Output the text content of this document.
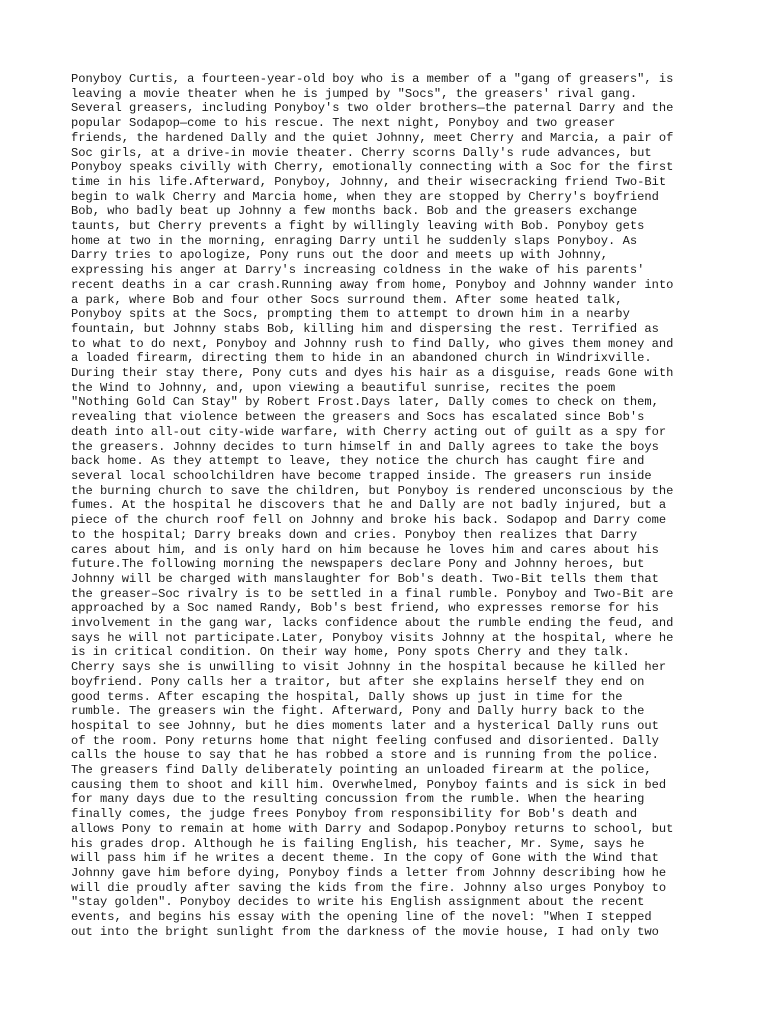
Ponyboy Curtis, a fourteen-year-old boy who is a member of a "gang of greasers", is
leaving a movie theater when he is jumped by "Socs", the greasers' rival gang.
Several greasers, including Ponyboy's two older brothers—the paternal Darry and the
popular Sodapop—come to his rescue. The next night, Ponyboy and two greaser
friends, the hardened Dally and the quiet Johnny, meet Cherry and Marcia, a pair of
Soc girls, at a drive-in movie theater. Cherry scorns Dally's rude advances, but
Ponyboy speaks civilly with Cherry, emotionally connecting with a Soc for the first
time in his life.Afterward, Ponyboy, Johnny, and their wisecracking friend Two-Bit
begin to walk Cherry and Marcia home, when they are stopped by Cherry's boyfriend
Bob, who badly beat up Johnny a few months back. Bob and the greasers exchange
taunts, but Cherry prevents a fight by willingly leaving with Bob. Ponyboy gets
home at two in the morning, enraging Darry until he suddenly slaps Ponyboy. As
Darry tries to apologize, Pony runs out the door and meets up with Johnny,
expressing his anger at Darry's increasing coldness in the wake of his parents'
recent deaths in a car crash.Running away from home, Ponyboy and Johnny wander into
a park, where Bob and four other Socs surround them. After some heated talk,
Ponyboy spits at the Socs, prompting them to attempt to drown him in a nearby
fountain, but Johnny stabs Bob, killing him and dispersing the rest. Terrified as
to what to do next, Ponyboy and Johnny rush to find Dally, who gives them money and
a loaded firearm, directing them to hide in an abandoned church in Windrixville.
During their stay there, Pony cuts and dyes his hair as a disguise, reads Gone with
the Wind to Johnny, and, upon viewing a beautiful sunrise, recites the poem
"Nothing Gold Can Stay" by Robert Frost.Days later, Dally comes to check on them,
revealing that violence between the greasers and Socs has escalated since Bob's
death into all-out city-wide warfare, with Cherry acting out of guilt as a spy for
the greasers. Johnny decides to turn himself in and Dally agrees to take the boys
back home. As they attempt to leave, they notice the church has caught fire and
several local schoolchildren have become trapped inside. The greasers run inside
the burning church to save the children, but Ponyboy is rendered unconscious by the
fumes. At the hospital he discovers that he and Dally are not badly injured, but a
piece of the church roof fell on Johnny and broke his back. Sodapop and Darry come
to the hospital; Darry breaks down and cries. Ponyboy then realizes that Darry
cares about him, and is only hard on him because he loves him and cares about his
future.The following morning the newspapers declare Pony and Johnny heroes, but
Johnny will be charged with manslaughter for Bob's death. Two-Bit tells them that
the greaser–Soc rivalry is to be settled in a final rumble. Ponyboy and Two-Bit are
approached by a Soc named Randy, Bob's best friend, who expresses remorse for his
involvement in the gang war, lacks confidence about the rumble ending the feud, and
says he will not participate.Later, Ponyboy visits Johnny at the hospital, where he
is in critical condition. On their way home, Pony spots Cherry and they talk.
Cherry says she is unwilling to visit Johnny in the hospital because he killed her
boyfriend. Pony calls her a traitor, but after she explains herself they end on
good terms. After escaping the hospital, Dally shows up just in time for the
rumble. The greasers win the fight. Afterward, Pony and Dally hurry back to the
hospital to see Johnny, but he dies moments later and a hysterical Dally runs out
of the room. Pony returns home that night feeling confused and disoriented. Dally
calls the house to say that he has robbed a store and is running from the police.
The greasers find Dally deliberately pointing an unloaded firearm at the police,
causing them to shoot and kill him. Overwhelmed, Ponyboy faints and is sick in bed
for many days due to the resulting concussion from the rumble. When the hearing
finally comes, the judge frees Ponyboy from responsibility for Bob's death and
allows Pony to remain at home with Darry and Sodapop.Ponyboy returns to school, but
his grades drop. Although he is failing English, his teacher, Mr. Syme, says he
will pass him if he writes a decent theme. In the copy of Gone with the Wind that
Johnny gave him before dying, Ponyboy finds a letter from Johnny describing how he
will die proudly after saving the kids from the fire. Johnny also urges Ponyboy to
"stay golden". Ponyboy decides to write his English assignment about the recent
events, and begins his essay with the opening line of the novel: "When I stepped
out into the bright sunlight from the darkness of the movie house, I had only two
